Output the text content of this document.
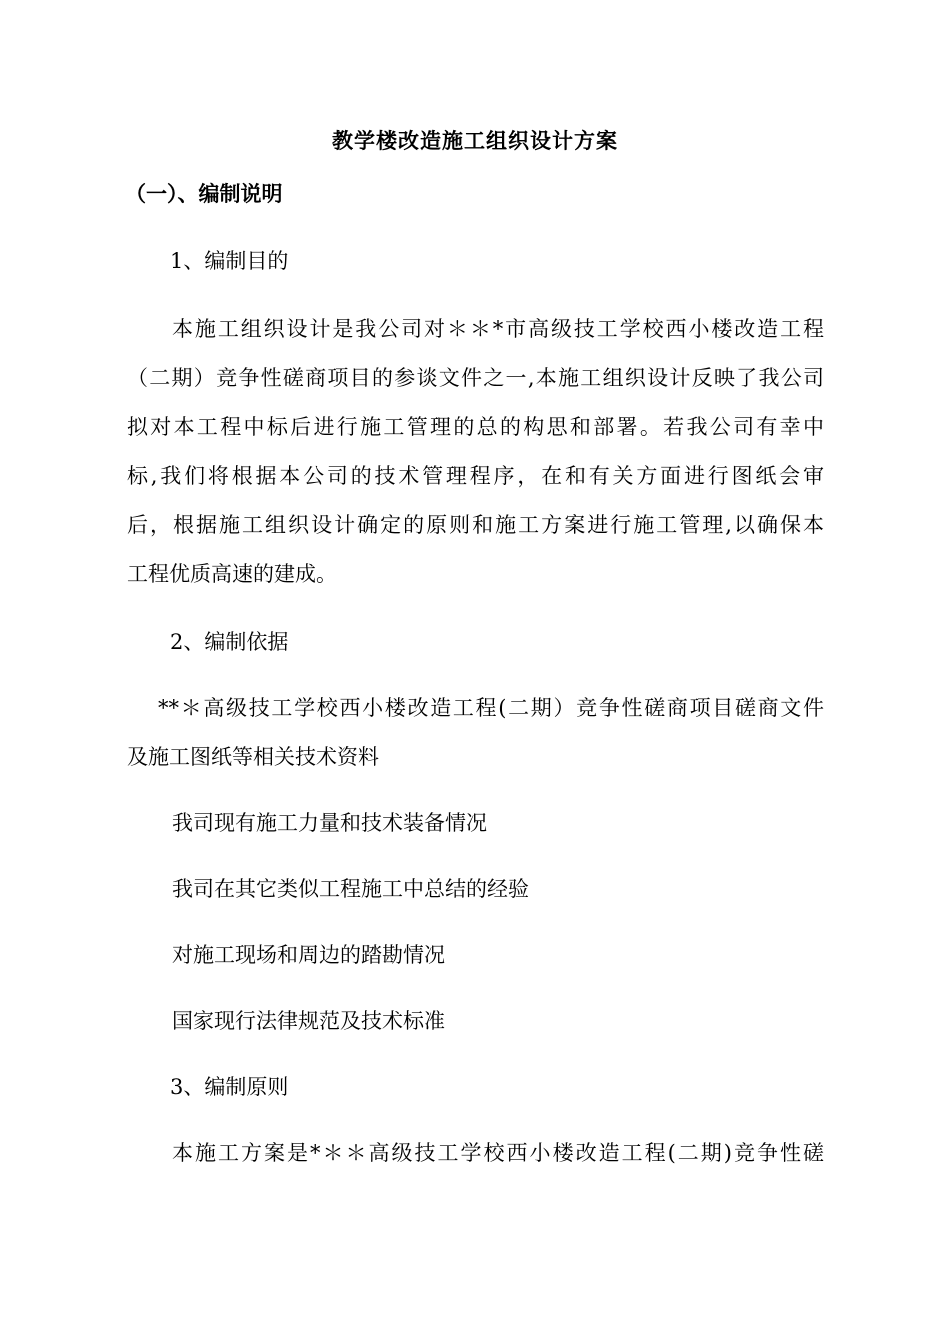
教学楼改造施工组织设计方案
（一）、编制说明
1、编制目的
本施工组织设计是我公司对＊＊*市高级技工学校西小楼改造工程
（二期）竞争性磋商项目的参谈文件之一,本施工组织设计反映了我公司
拟对本工程中标后进行施工管理的总的构思和部署。若我公司有幸中
标,我们将根据本公司的技术管理程序，在和有关方面进行图纸会审
后，根据施工组织设计确定的原则和施工方案进行施工管理,以确保本
工程优质高速的建成。
2、编制依据
**＊高级技工学校西小楼改造工程(二期）竞争性磋商项目磋商文件
及施工图纸等相关技术资料
我司现有施工力量和技术装备情况
我司在其它类似工程施工中总结的经验
对施工现场和周边的踏勘情况
国家现行法律规范及技术标准
3、编制原则
本施工方案是*＊＊高级技工学校西小楼改造工程(二期)竞争性磋
